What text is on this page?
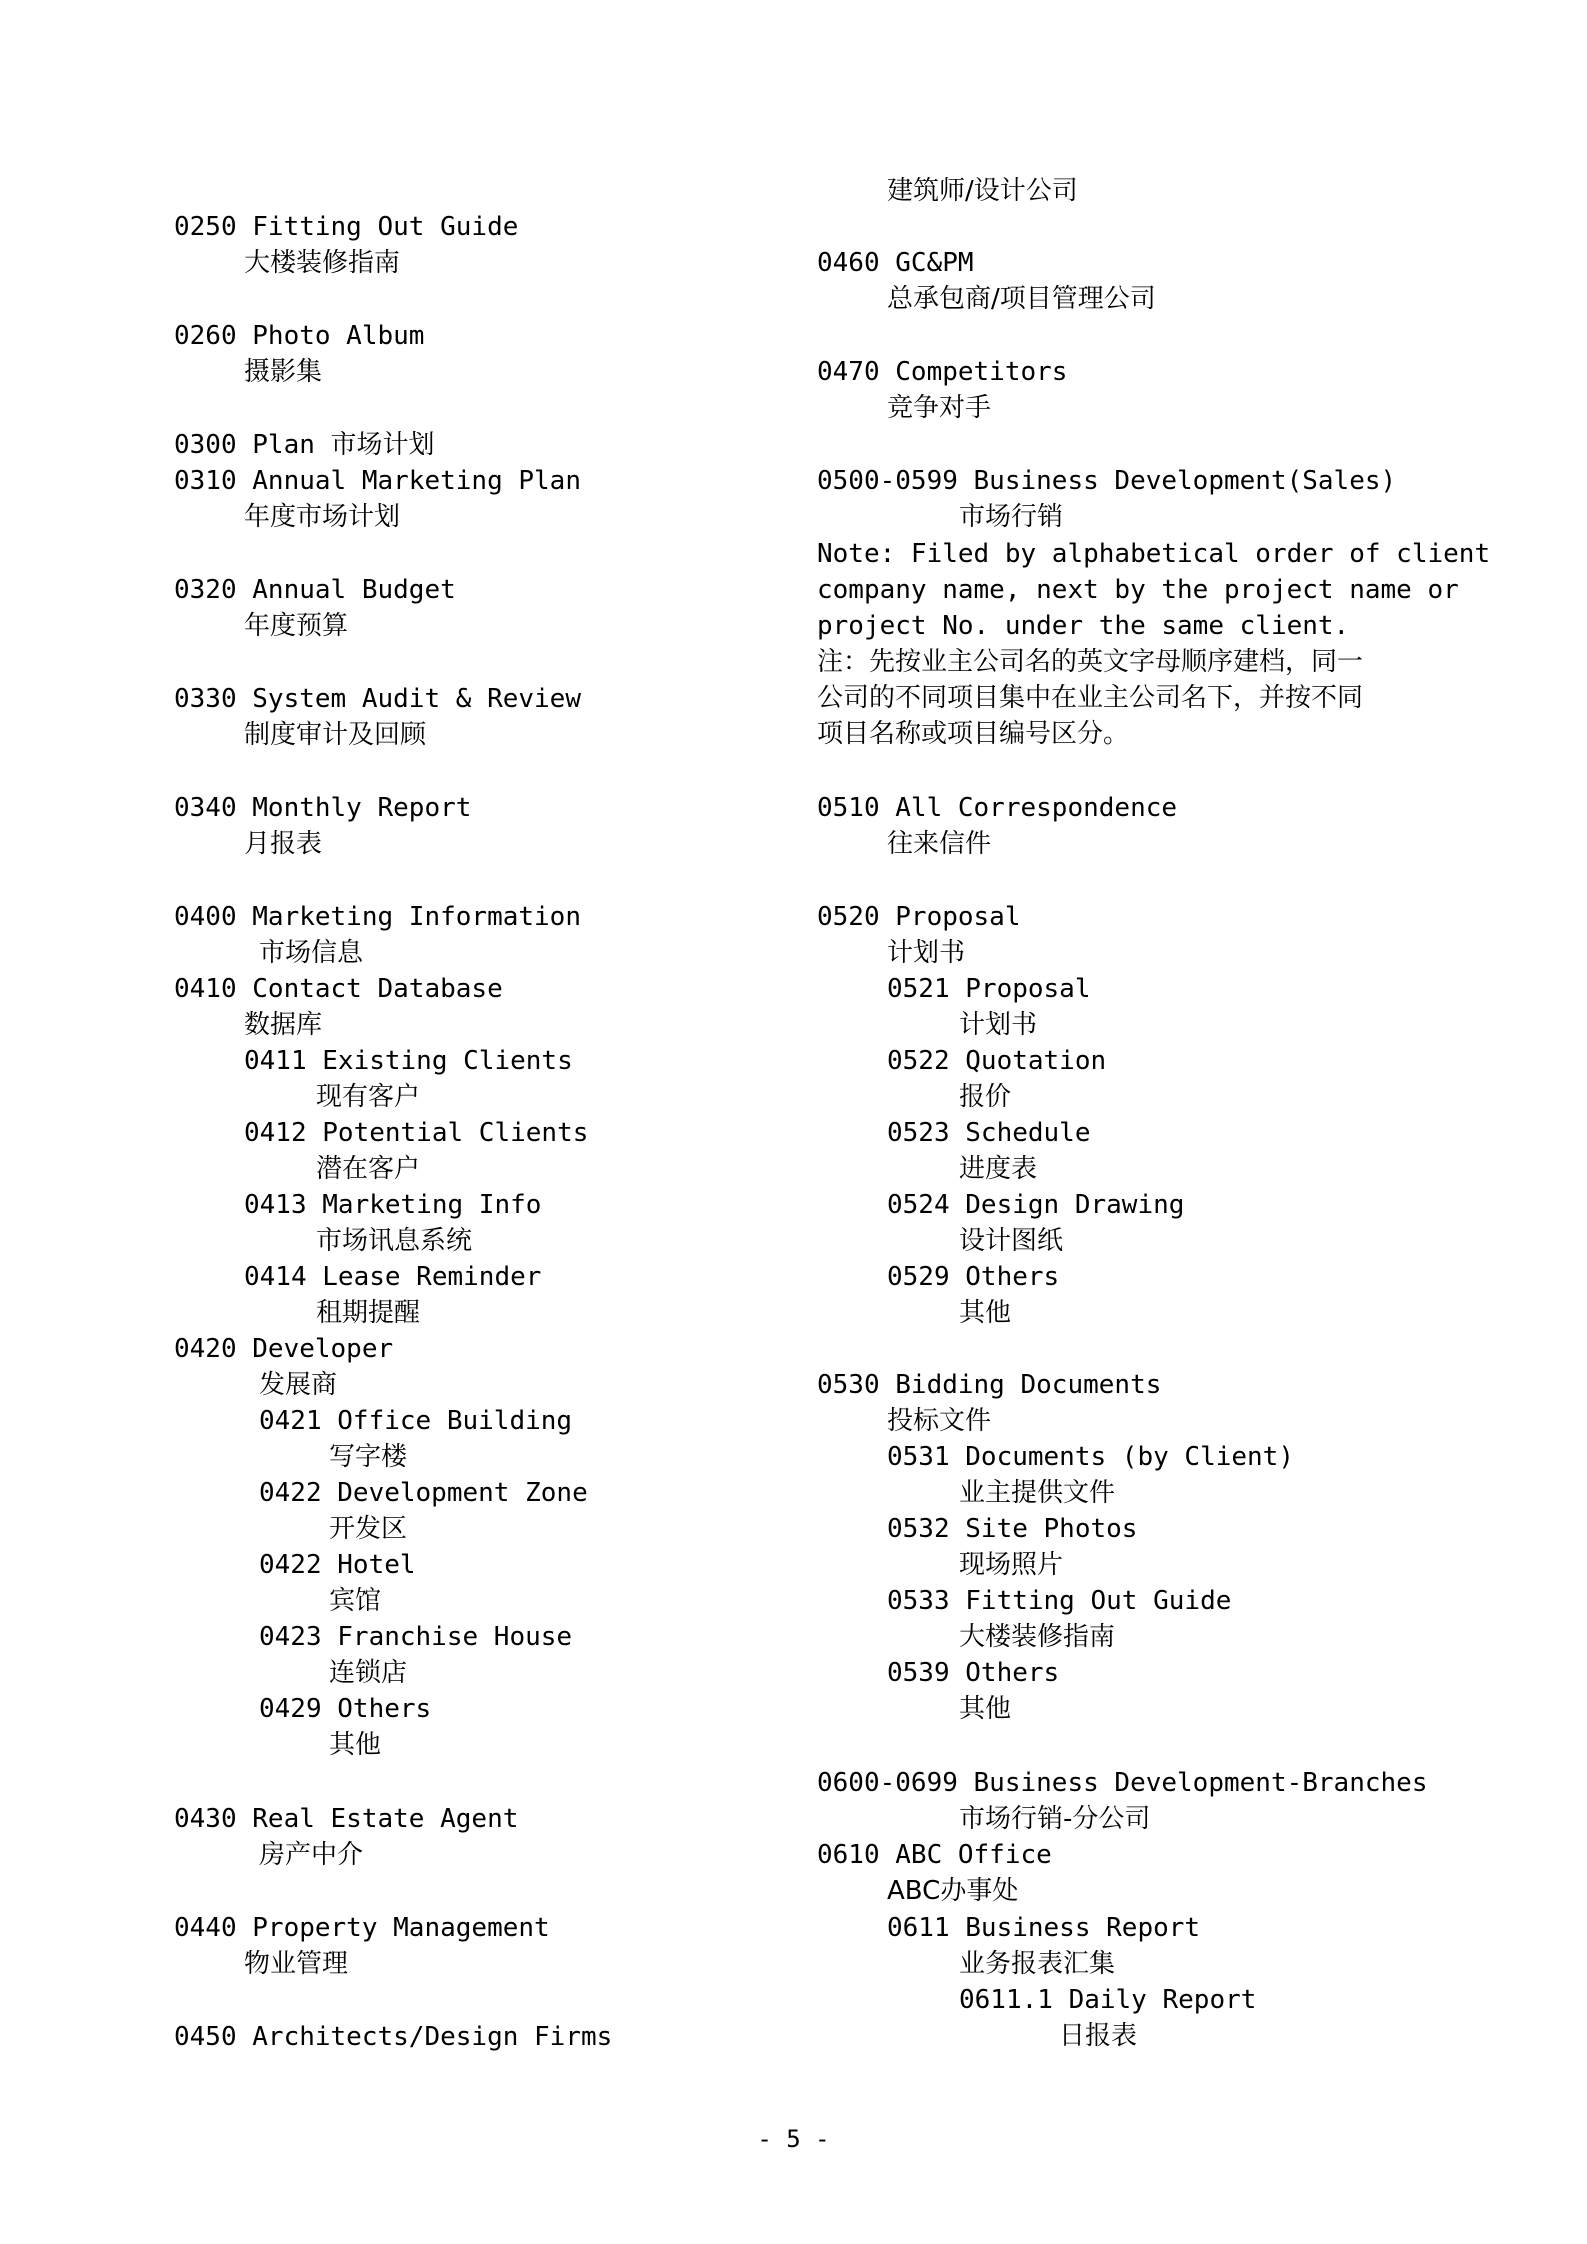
0250 Fitting Out Guide
大楼装修指南
0260 Photo Album
摄影集
0300 Plan 市场计划
0310 Annual Marketing Plan
年度市场计划
0320 Annual Budget
年度预算
0330 System Audit & Review
制度审计及回顾
0340 Monthly Report
月报表
0400 Marketing Information
市场信息
0410 Contact Database
数据库
0411 Existing Clients
现有客户
0412 Potential Clients
潜在客户
0413 Marketing Info
市场讯息系统
0414 Lease Reminder
租期提醒
0420 Developer
发展商
0421 Office Building
写字楼
0422 Development Zone
开发区
0422 Hotel
宾馆
0423 Franchise House
连锁店
0429 Others
其他
0430 Real Estate Agent
房产中介
0440 Property Management
物业管理
0450 Architects/Design Firms
建筑师/设计公司
0460 GC&PM
总承包商/项目管理公司
0470 Competitors
竞争对手
0500-0599 Business Development(Sales)
市场行销
Note: Filed by alphabetical order of client
company name, next by the project name or
project No. under the same client.
注：先按业主公司名的英文字母顺序建档，同一
公司的不同项目集中在业主公司名下，并按不同
项目名称或项目编号区分。
0510 All Correspondence
往来信件
0520 Proposal
计划书
0521 Proposal
计划书
0522 Quotation
报价
0523 Schedule
进度表
0524 Design Drawing
设计图纸
0529 Others
其他
0530 Bidding Documents
投标文件
0531 Documents (by Client)
业主提供文件
0532 Site Photos
现场照片
0533 Fitting Out Guide
大楼装修指南
0539 Others
其他
0600-0699 Business Development-Branches
市场行销-分公司
0610 ABC Office
ABC办事处
0611 Business Report
业务报表汇集
0611.1 Daily Report
日报表
- 5 -
